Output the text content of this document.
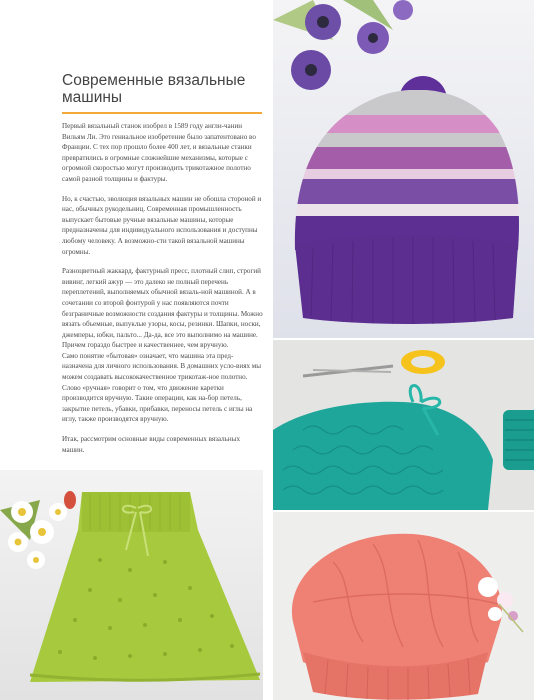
Современные вязальные машины

Первый вязальный станок изобрел в 1589 году англи-чанин Вильям Ли. Это гениальное изобретение было запатентовано во Франции. С тех пор прошло более 400 лет, и вязальные станки превратились в огромные сложнейшие механизмы, которые с огромной скоростью могут производить трикотажное полотно самой разной толщины и фактуры.

Но, к счастью, эволюция вязальных машин не обошла стороной и нас, обычных рукодельниц. Современная промышленность выпускает бытовые ручные вязальные машины, которые предназначены для индивидуального использования и доступны любому человеку. А возможно-сти такой вязальной машины огромны.

Разноцветный жаккард, фактурный пресс, плотный слип, строгий вивинг, легкий ажур — это далеко не полный перечень переплетений, выполняемых обычной вязаль-ной машиной. А в сочетании со второй фонтурой у нас появляются почти безграничные возможности создания фактуры и толщины. Можно вязать объемные, выпуклые узоры, косы, резинки. Шапки, носки, джемперы, юбки, пальто... Да-да, все это выполнимо на машине. Причем гораздо быстрее и качественнее, чем вручную.

Само понятие «бытовая» означает, что машина эта пред-назначена для личного использования. В домашних усло-виях мы можем создавать высококачественное трикотаж-ное полотно. Слово «ручная» говорит о том, что движение каретки производится вручную. Такие операции, как на-бор петель, закрытие петель, убавки, прибавки, переносы петель с иглы на иглу, также производятся вручную.

Итак, рассмотрим основные виды современных вязальных машин.
